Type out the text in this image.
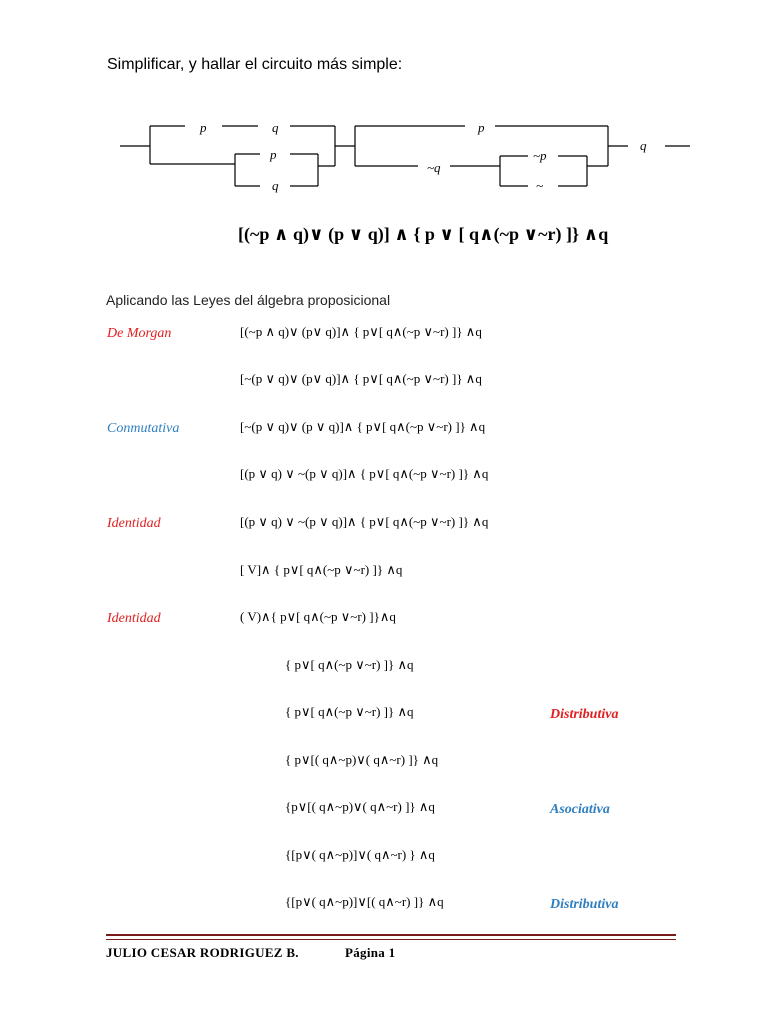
Simplificar, y hallar el circuito más simple:
p	q
p
q
p
~q
~p
~
q
[(~p ∧ q)∨ (p ∨ q)] ∧ { p ∨ [ q∧(~p ∨~r) ]} ∧q
Aplicando las Leyes del álgebra proposicional
De Morgan
Conmutativa
Identidad
Identidad
Distributiva
Asociativa
Distributiva
[(~p ∧ q)∨ (p∨ q)]∧ { p∨[ q∧(~p ∨~r) ]} ∧q
[~(p ∨ q)∨ (p∨ q)]∧ { p∨[ q∧(~p ∨~r) ]} ∧q
[~(p ∨ q)∨ (p ∨ q)]∧ { p∨[ q∧(~p ∨~r) ]} ∧q
[(p ∨ q) ∨ ~(p ∨ q)]∧ { p∨[ q∧(~p ∨~r) ]} ∧q
[(p ∨ q) ∨ ~(p ∨ q)]∧ { p∨[ q∧(~p ∨~r) ]} ∧q
[ V]∧ { p∨[ q∧(~p ∨~r) ]} ∧q
( V)∧{ p∨[ q∧(~p ∨~r) ]}∧q
{ p∨[ q∧(~p ∨~r) ]} ∧q
{ p∨[ q∧(~p ∨~r) ]} ∧q
{ p∨[( q∧~p)∨( q∧~r) ]} ∧q
{p∨[( q∧~p)∨( q∧~r) ]} ∧q
{[p∨( q∧~p)]∨( q∧~r) } ∧q
{[p∨( q∧~p)]∨[( q∧~r) ]} ∧q
JULIO CESAR RODRIGUEZ B.	Página 1
